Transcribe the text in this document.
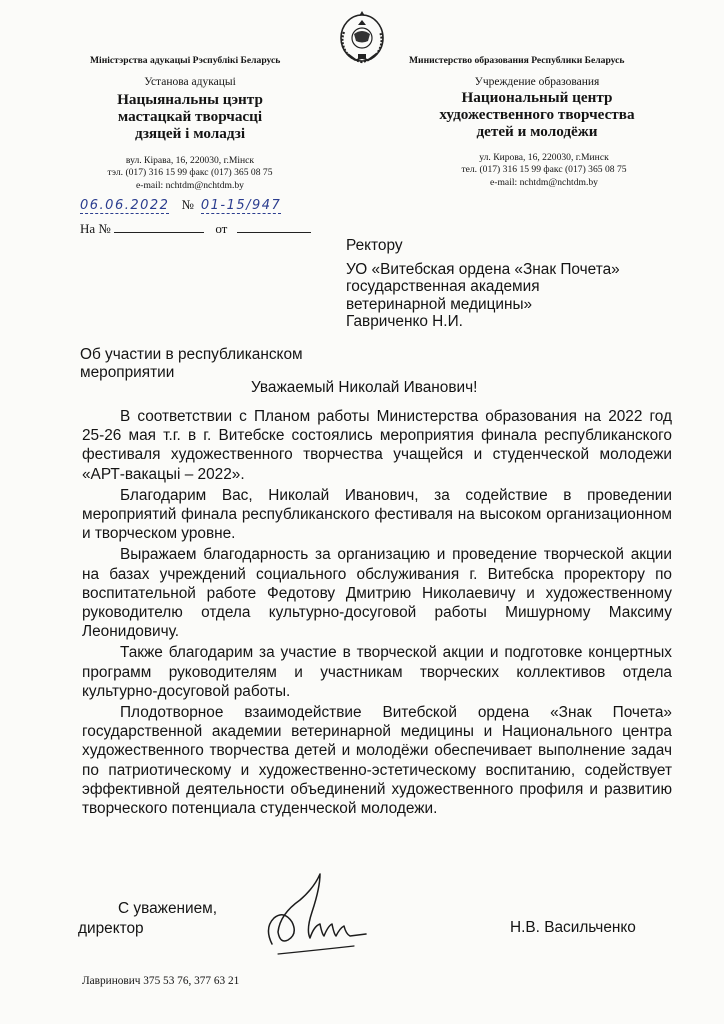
Міністэрства адукацыі Рэспублікі Беларусь
Установа адукацыі
Нацыянальны цэнтр
мастацкай творчасці
дзяцей і моладзі
вул. Кірава, 16, 220030, г.Мінск
тэл. (017) 316 15 99 факс (017) 365 08 75
e-mail: nchtdm@nchtdm.by
Министерство образования Республики Беларусь
Учреждение образования
Национальный центр
художественного творчества
детей и молодёжи
ул. Кирова, 16, 220030, г.Минск
тел. (017) 316 15 99 факс (017) 365 08 75
e-mail: nchtdm@nchtdm.by
06.06.2022 № 01-15/947
На №	от
Ректору
УО «Витебская ордена «Знак Почета»
государственная академия
ветеринарной медицины»
Гавриченко Н.И.
Об участии в республиканском
мероприятии
Уважаемый Николай Иванович!

В соответствии с Планом работы Министерства образования на 2022 год 25-26 мая т.г. в г. Витебске состоялись мероприятия финала республиканского фестиваля художественного творчества учащейся и студенческой молодежи «АРТ-вакацыі – 2022».

Благодарим Вас, Николай Иванович, за содействие в проведении мероприятий финала республиканского фестиваля на высоком организационном и творческом уровне.

Выражаем благодарность за организацию и проведение творческой акции на базах учреждений социального обслуживания г. Витебска проректору по воспитательной работе Федотову Дмитрию Николаевичу и художественному руководителю отдела культурно-досуговой работы Мишурному Максиму Леонидовичу.

Также благодарим за участие в творческой акции и подготовке концертных программ руководителям и участникам творческих коллективов отдела культурно-досуговой работы.

Плодотворное взаимодействие Витебской ордена «Знак Почета» государственной академии ветеринарной медицины и Национального центра художественного творчества детей и молодёжи обеспечивает выполнение задач по патриотическому и художественно-эстетическому воспитанию, содействует эффективной деятельности объединений художественного профиля и развитию творческого потенциала студенческой молодежи.

С уважением,
директор	Н.В. Васильченко
Лавринович 375 53 76, 377 63 21
